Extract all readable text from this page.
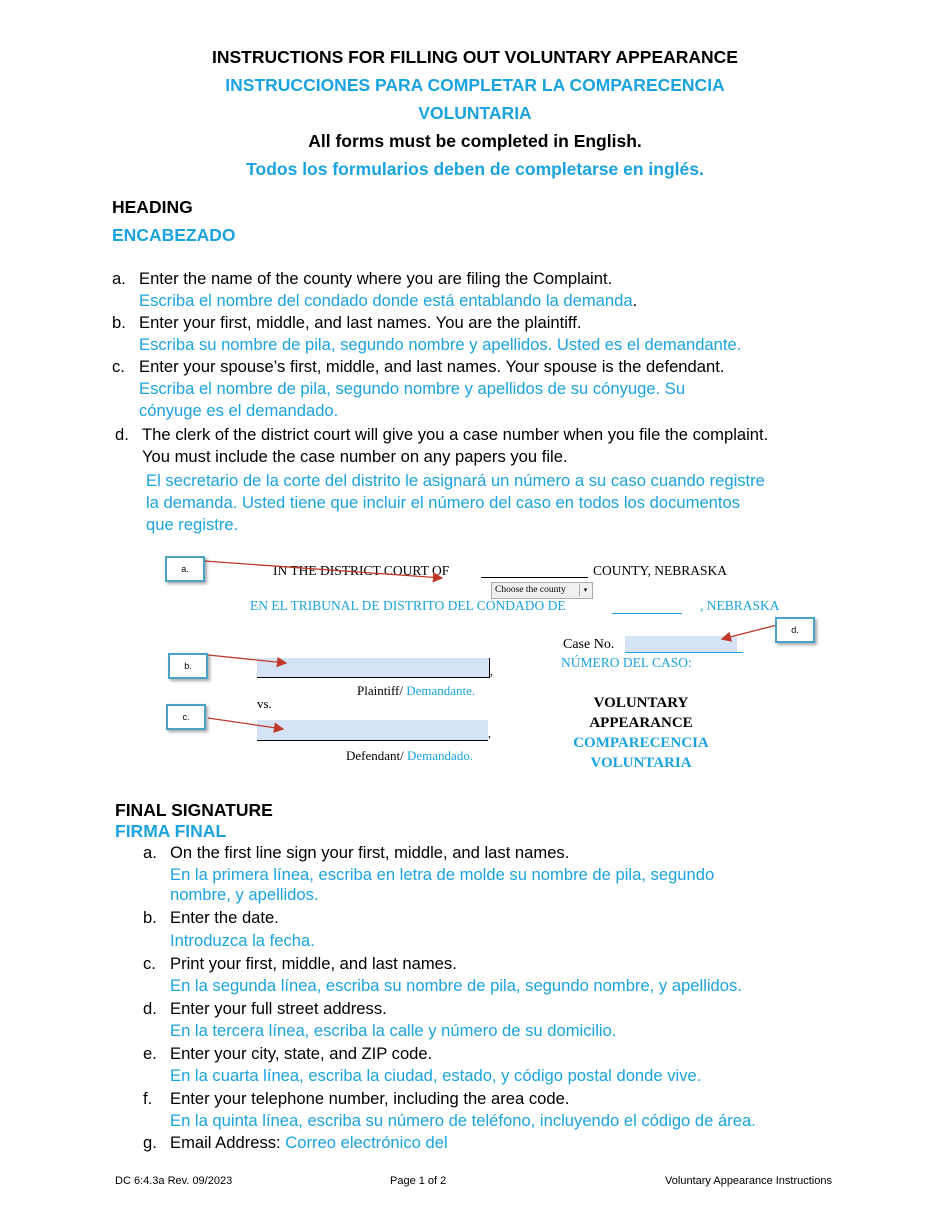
INSTRUCTIONS FOR FILLING OUT VOLUNTARY APPEARANCE
INSTRUCCIONES PARA COMPLETAR LA COMPARECENCIA
VOLUNTARIA
All forms must be completed in English.
Todos los formularios deben de completarse en inglés.
HEADING
ENCABEZADO
a. Enter the name of the county where you are filing the Complaint.
Escriba el nombre del condado donde está entablando la demanda.
b. Enter your first, middle, and last names. You are the plaintiff.
Escriba su nombre de pila, segundo nombre y apellidos. Usted es el demandante.
c. Enter your spouse’s first, middle, and last names. Your spouse is the defendant.
Escriba el nombre de pila, segundo nombre y apellidos de su cónyuge. Su
cónyuge es el demandado.
d. The clerk of the district court will give you a case number when you file the complaint.
You must include the case number on any papers you file.
El secretario de la corte del distrito le asignará un número a su caso cuando registre
la demanda. Usted tiene que incluir el número del caso en todos los documentos
que registre.
IN THE DISTRICT COURT OF	COUNTY, NEBRASKA
Choose the county	▾
EN EL TRIBUNAL DE DISTRITO DEL CONDADO DE	, NEBRASKA
,
Plaintiff/ Demandante.
vs.
,
Defendant/ Demandado.
Case No.
NÚMERO DEL CASO:
VOLUNTARY
APPEARANCE
COMPARECENCIA
VOLUNTARIA
a.
b.
c.
d.
FINAL SIGNATURE
FIRMA FINAL
a. On the first line sign your first, middle, and last names.
En la primera línea, escriba en letra de molde su nombre de pila, segundo
nombre, y apellidos.
b. Enter the date.
Introduzca la fecha.
c. Print your first, middle, and last names.
En la segunda línea, escriba su nombre de pila, segundo nombre, y apellidos.
d. Enter your full street address.
En la tercera línea, escriba la calle y número de su domicilio.
e. Enter your city, state, and ZIP code.
En la cuarta línea, escriba la ciudad, estado, y código postal donde vive.
f. Enter your telephone number, including the area code.
En la quinta línea, escriba su número de teléfono, incluyendo el código de área.
g. Email Address: Correo electrónico del
DC 6:4.3a Rev. 09/2023	Page 1 of 2	Voluntary Appearance Instructions
